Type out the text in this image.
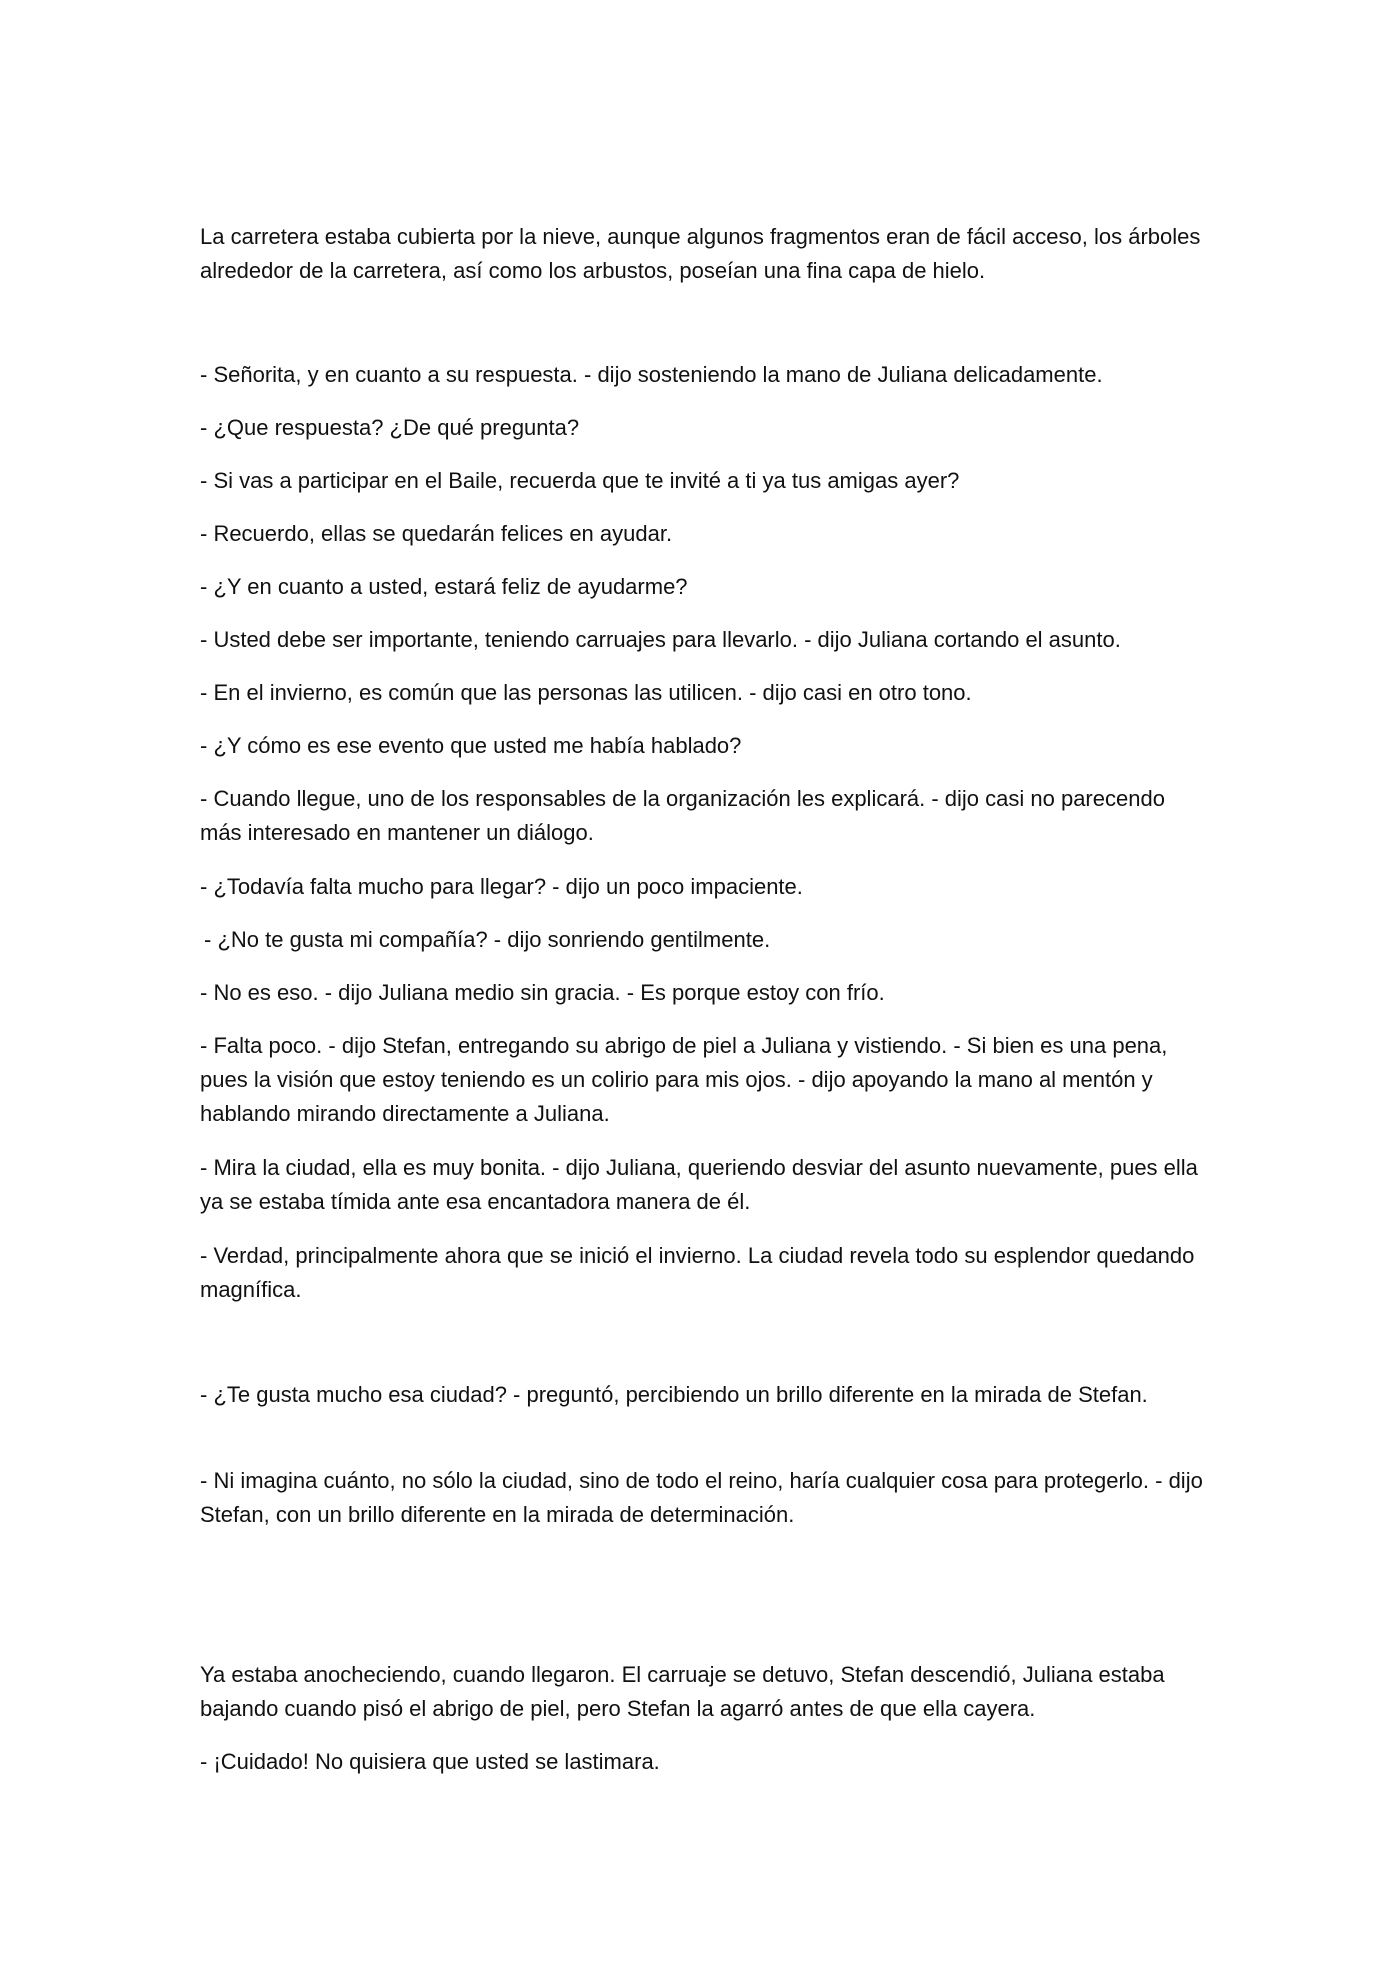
La carretera estaba cubierta por la nieve, aunque algunos fragmentos eran de fácil acceso, los árboles alrededor de la carretera, así como los arbustos, poseían una fina capa de hielo.

- Señorita, y en cuanto a su respuesta. - dijo sosteniendo la mano de Juliana delicadamente.

- ¿Que respuesta? ¿De qué pregunta?

- Si vas a participar en el Baile, recuerda que te invité a ti ya tus amigas ayer?

- Recuerdo, ellas se quedarán felices en ayudar.

- ¿Y en cuanto a usted, estará feliz de ayudarme?

- Usted debe ser importante, teniendo carruajes para llevarlo. - dijo Juliana cortando el asunto.

- En el invierno, es común que las personas las utilicen. - dijo casi en otro tono.

- ¿Y cómo es ese evento que usted me había hablado?

- Cuando llegue, uno de los responsables de la organización les explicará. - dijo casi no parecendo más interesado en mantener un diálogo.

- ¿Todavía falta mucho para llegar? - dijo un poco impaciente.

- ¿No te gusta mi compañía? - dijo sonriendo gentilmente.

- No es eso. - dijo Juliana medio sin gracia. - Es porque estoy con frío.

- Falta poco. - dijo Stefan, entregando su abrigo de piel a Juliana y vistiendo. - Si bien es una pena, pues la visión que estoy teniendo es un colirio para mis ojos. - dijo apoyando la mano al mentón y hablando mirando directamente a Juliana.

- Mira la ciudad, ella es muy bonita. - dijo Juliana, queriendo desviar del asunto nuevamente, pues ella ya se estaba tímida ante esa encantadora manera de él.

- Verdad, principalmente ahora que se inició el invierno. La ciudad revela todo su esplendor quedando magnífica.

- ¿Te gusta mucho esa ciudad? - preguntó, percibiendo un brillo diferente en la mirada de Stefan.

- Ni imagina cuánto, no sólo la ciudad, sino de todo el reino, haría cualquier cosa para protegerlo. - dijo Stefan, con un brillo diferente en la mirada de determinación.

Ya estaba anocheciendo, cuando llegaron. El carruaje se detuvo, Stefan descendió, Juliana estaba bajando cuando pisó el abrigo de piel, pero Stefan la agarró antes de que ella cayera.

- ¡Cuidado! No quisiera que usted se lastimara.
